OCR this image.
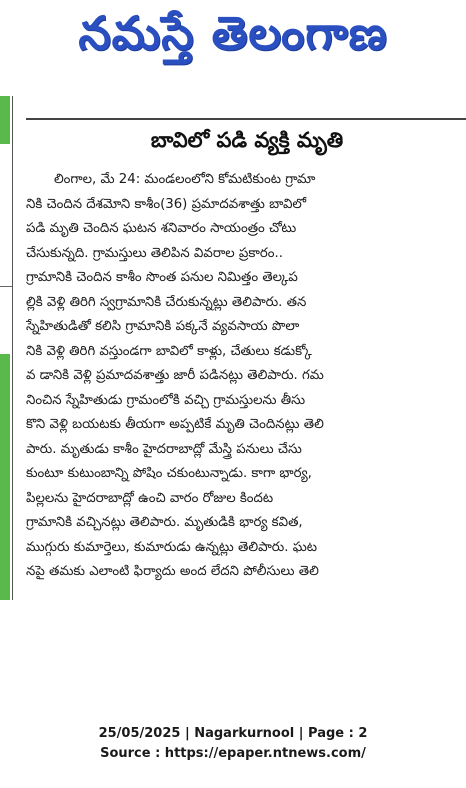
నమస్తే తెలంగాణ
బావిలో పడి వ్యక్తి మృతి
లింగాల, మే 24: మండలంలోని కోమటికుంట గ్రామా
నికి చెందిన దేశమోని కాశీం(36) ప్రమాదవశాత్తు బావిలో
పడి మృతి చెందిన ఘటన శనివారం సాయంత్రం చోటు
చేసుకున్నది. గ్రామస్తులు తెలిపిన వివరాల ప్రకారం..
గ్రామానికి చెందిన కాశీం సొంత పనుల నిమిత్తం తెల్కప
ల్లికి వెళ్లి తిరిగి స్వగ్రామానికి చేరుకున్నట్లు తెలిపారు. తన
స్నేహితుడితో కలిసి గ్రామానికి పక్కనే వ్యవసాయ పొలా
నికి వెళ్లి తిరిగి వస్తుండగా బావిలో కాళ్లు, చేతులు కడుక్కో
వ డానికి వెళ్లి ప్రమాదవశాత్తు జారీ పడినట్లు తెలిపారు. గమ
నించిన స్నేహితుడు గ్రామంలోకి వచ్చి గ్రామస్తులను తీసు
కొని వెళ్లి బయటకు తీయగా అప్పటికే మృతి చెందినట్లు తెలి
పారు. మృతుడు కాశీం హైదరాబాద్లో మేస్త్రి పనులు చేసు
కుంటూ కుటుంబాన్ని పోషిం చకుంటున్నాడు. కాగా భార్య,
పిల్లలను హైదరాబాద్లో ఉంచి వారం రోజుల కిందట
గ్రామానికి వచ్చినట్లు తెలిపారు. మృతుడికి భార్య కవిత,
ముగ్గురు కుమార్తెలు, కుమారుడు ఉన్నట్లు తెలిపారు. ఘట
నపై తమకు ఎలాంటి ఫిర్యాదు అంద లేదని పోలీసులు తెలి
25/05/2025 | Nagarkurnool | Page : 2
Source : https://epaper.ntnews.com/
